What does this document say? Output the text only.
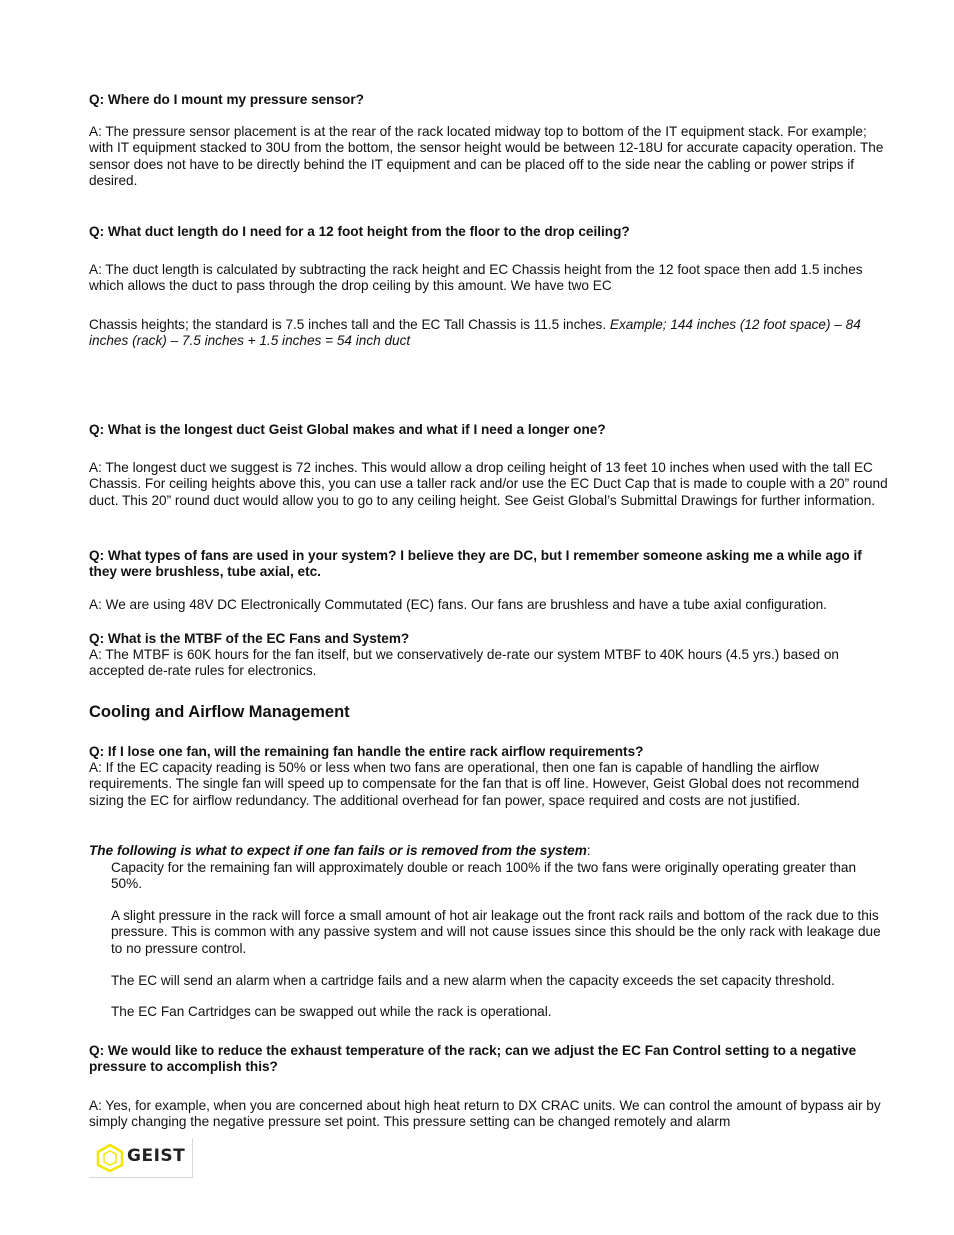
Q: Where do I mount my pressure sensor?

A: The pressure sensor placement is at the rear of the rack located midway top to bottom of the IT equipment stack. For example; with IT equipment stacked to 30U from the bottom, the sensor height would be between 12-18U for accurate capacity operation. The sensor does not have to be directly behind the IT equipment and can be placed off to the side near the cabling or power strips if desired.

Q: What duct length do I need for a 12 foot height from the floor to the drop ceiling?

A: The duct length is calculated by subtracting the rack height and EC Chassis height from the 12 foot space then add 1.5 inches which allows the duct to pass through the drop ceiling by this amount. We have two EC

Chassis heights; the standard is 7.5 inches tall and the EC Tall Chassis is 11.5 inches. Example; 144 inches (12 foot space) – 84 inches (rack) – 7.5 inches + 1.5 inches = 54 inch duct

Q: What is the longest duct Geist Global makes and what if I need a longer one?

A: The longest duct we suggest is 72 inches. This would allow a drop ceiling height of 13 feet 10 inches when used with the tall EC Chassis. For ceiling heights above this, you can use a taller rack and/or use the EC Duct Cap that is made to couple with a 20” round duct. This 20” round duct would allow you to go to any ceiling height. See Geist Global’s Submittal Drawings for further information.

Q: What types of fans are used in your system? I believe they are DC, but I remember someone asking me a while ago if they were brushless, tube axial, etc.

A: We are using 48V DC Electronically Commutated (EC) fans. Our fans are brushless and have a tube axial configuration.

Q: What is the MTBF of the EC Fans and System?

A: The MTBF is 60K hours for the fan itself, but we conservatively de-rate our system MTBF to 40K hours (4.5 yrs.) based on accepted de-rate rules for electronics.

Cooling and Airflow Management

Q: If I lose one fan, will the remaining fan handle the entire rack airflow requirements?

A: If the EC capacity reading is 50% or less when two fans are operational, then one fan is capable of handling the airflow requirements. The single fan will speed up to compensate for the fan that is off line. However, Geist Global does not recommend sizing the EC for airflow redundancy. The additional overhead for fan power, space required and costs are not justified.

The following is what to expect if one fan fails or is removed from the system:

Capacity for the remaining fan will approximately double or reach 100% if the two fans were originally operating greater than 50%.

A slight pressure in the rack will force a small amount of hot air leakage out the front rack rails and bottom of the rack due to this pressure. This is common with any passive system and will not cause issues since this should be the only rack with leakage due to no pressure control.

The EC will send an alarm when a cartridge fails and a new alarm when the capacity exceeds the set capacity threshold.

The EC Fan Cartridges can be swapped out while the rack is operational.

Q: We would like to reduce the exhaust temperature of the rack; can we adjust the EC Fan Control setting to a negative pressure to accomplish this?

A: Yes, for example, when you are concerned about high heat return to DX CRAC units. We can control the amount of bypass air by simply changing the negative pressure set point. This pressure setting can be changed remotely and alarm

GEIST
